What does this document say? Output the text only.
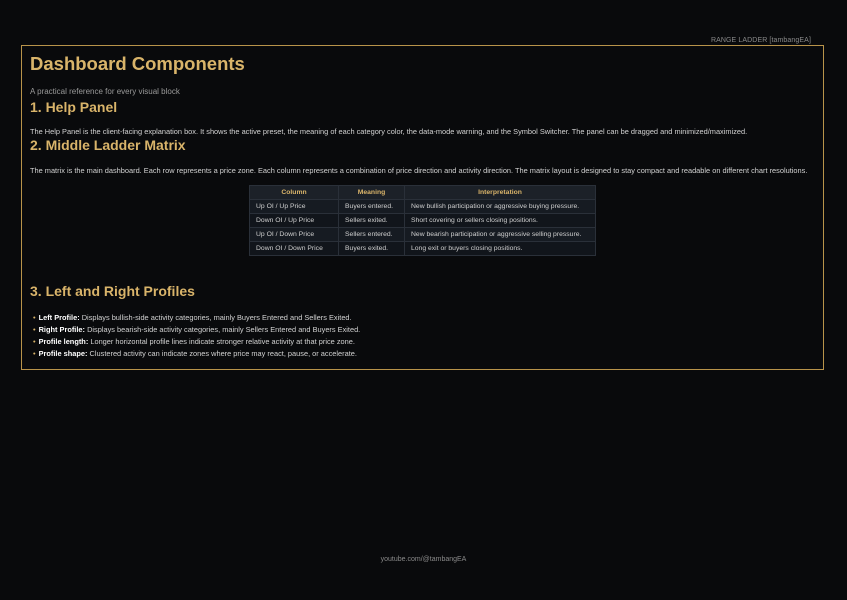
RANGE LADDER [tambangEA]
Dashboard Components
A practical reference for every visual block
1. Help Panel
The Help Panel is the client-facing explanation box. It shows the active preset, the meaning of each category color, the data-mode warning, and the Symbol Switcher. The panel can be dragged and minimized/maximized.
2. Middle Ladder Matrix
The matrix is the main dashboard. Each row represents a price zone. Each column represents a combination of price direction and activity direction. The matrix layout is designed to stay compact and readable on different chart resolutions.
Column	Meaning	Interpretation
Up OI / Up Price	Buyers entered.	New bullish participation or aggressive buying pressure.
Down OI / Up Price	Sellers exited.	Short covering or sellers closing positions.
Up OI / Down Price	Sellers entered.	New bearish participation or aggressive selling pressure.
Down OI / Down Price	Buyers exited.	Long exit or buyers closing positions.
3. Left and Right Profiles
• Left Profile: Displays bullish-side activity categories, mainly Buyers Entered and Sellers Exited.
• Right Profile: Displays bearish-side activity categories, mainly Sellers Entered and Buyers Exited.
• Profile length: Longer horizontal profile lines indicate stronger relative activity at that price zone.
• Profile shape: Clustered activity can indicate zones where price may react, pause, or accelerate.
youtube.com/@tambangEA
